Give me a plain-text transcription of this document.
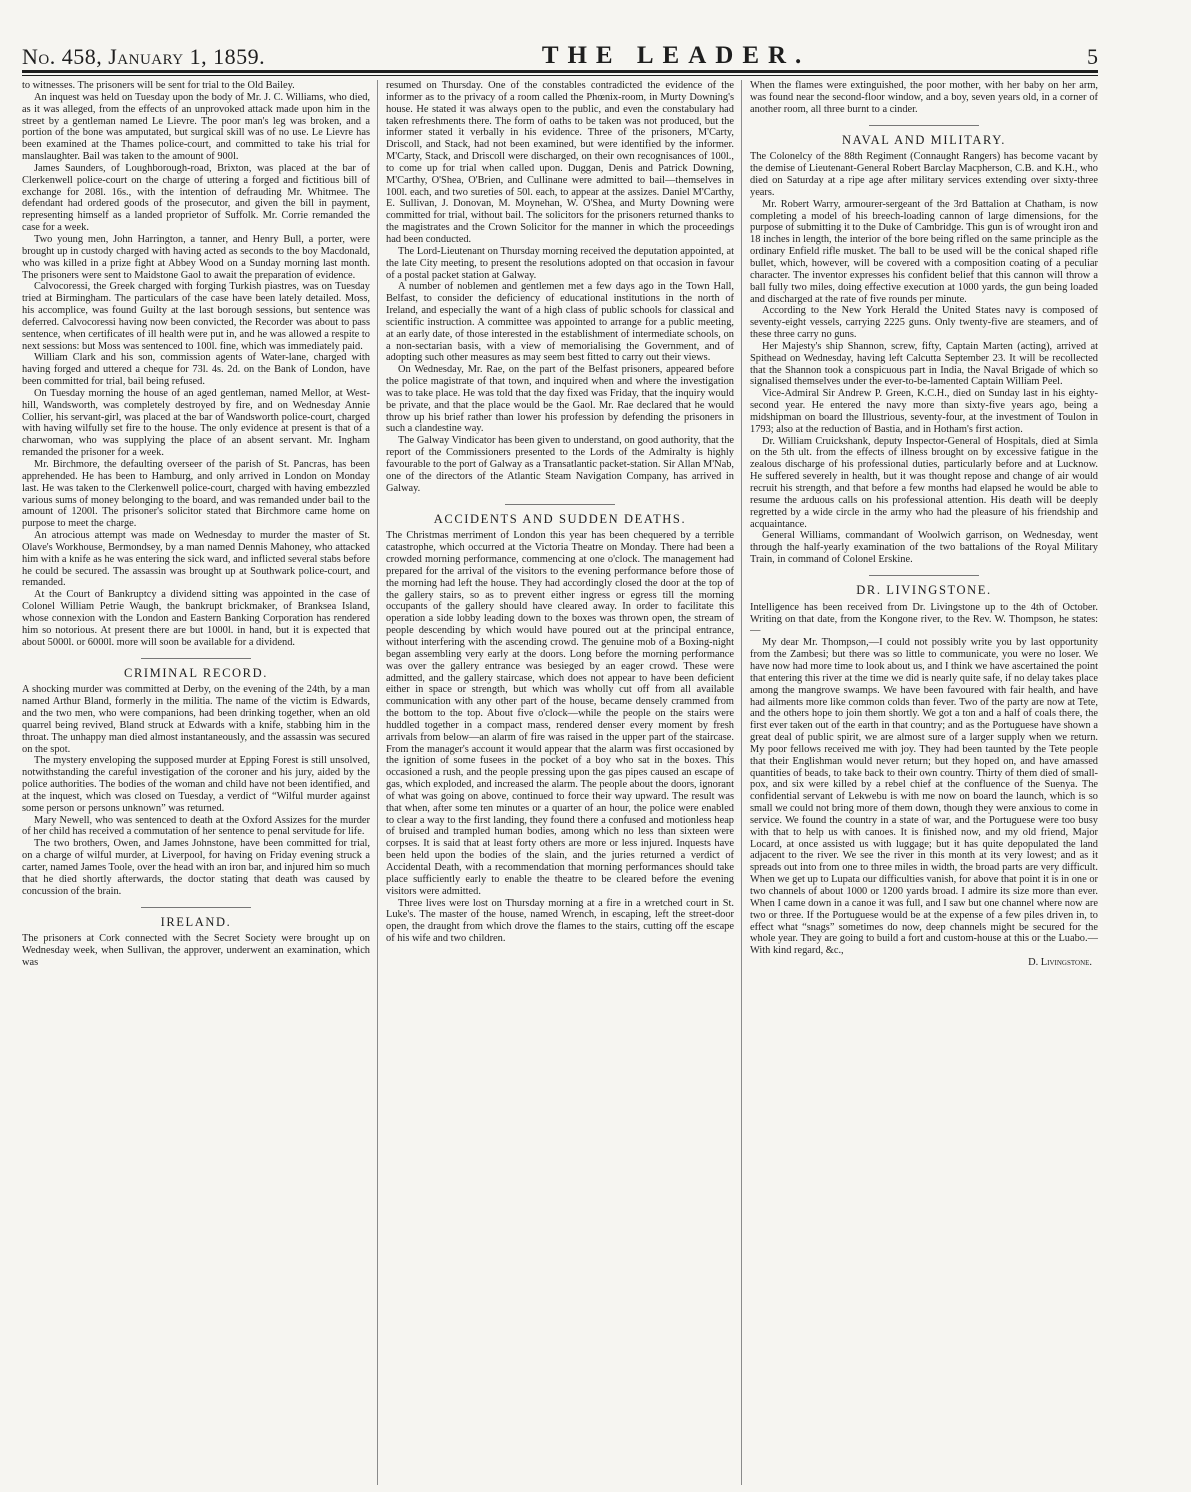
No. 458, January 1, 1859.	THE LEADER.	5

to witnesses. The prisoners will be sent for trial to the Old Bailey.

An inquest was held on Tuesday upon the body of Mr. J. C. Williams, who died, as it was alleged, from the effects of an unprovoked attack made upon him in the street by a gentleman named Le Lievre. The poor man's leg was broken, and a portion of the bone was amputated, but surgical skill was of no use. Le Lievre has been examined at the Thames police-court, and committed to take his trial for manslaughter. Bail was taken to the amount of 900l.

James Saunders, of Loughborough-road, Brixton, was placed at the bar of Clerkenwell police-court on the charge of uttering a forged and fictitious bill of exchange for 208l. 16s., with the intention of defrauding Mr. Whitmee. The defendant had ordered goods of the prosecutor, and given the bill in payment, representing himself as a landed proprietor of Suffolk. Mr. Corrie remanded the case for a week.

Two young men, John Harrington, a tanner, and Henry Bull, a porter, were brought up in custody charged with having acted as seconds to the boy Macdonald, who was killed in a prize fight at Abbey Wood on a Sunday morning last month. The prisoners were sent to Maidstone Gaol to await the preparation of evidence.

Calvocoressi, the Greek charged with forging Turkish piastres, was on Tuesday tried at Birmingham. The particulars of the case have been lately detailed. Moss, his accomplice, was found Guilty at the last borough sessions, but sentence was deferred. Calvocoressi having now been convicted, the Recorder was about to pass sentence, when certificates of ill health were put in, and he was allowed a respite to next sessions: but Moss was sentenced to 100l. fine, which was immediately paid.

William Clark and his son, commission agents of Water-lane, charged with having forged and uttered a cheque for 73l. 4s. 2d. on the Bank of London, have been committed for trial, bail being refused.

On Tuesday morning the house of an aged gentleman, named Mellor, at West-hill, Wandsworth, was completely destroyed by fire, and on Wednesday Annie Collier, his servant-girl, was placed at the bar of Wandsworth police-court, charged with having wilfully set fire to the house. The only evidence at present is that of a charwoman, who was supplying the place of an absent servant. Mr. Ingham remanded the prisoner for a week.

Mr. Birchmore, the defaulting overseer of the parish of St. Pancras, has been apprehended. He has been to Hamburg, and only arrived in London on Monday last. He was taken to the Clerkenwell police-court, charged with having embezzled various sums of money belonging to the board, and was remanded under bail to the amount of 1200l. The prisoner's solicitor stated that Birchmore came home on purpose to meet the charge.

An atrocious attempt was made on Wednesday to murder the master of St. Olave's Workhouse, Bermondsey, by a man named Dennis Mahoney, who attacked him with a knife as he was entering the sick ward, and inflicted several stabs before he could be secured. The assassin was brought up at Southwark police-court, and remanded.

At the Court of Bankruptcy a dividend sitting was appointed in the case of Colonel William Petrie Waugh, the bankrupt brickmaker, of Branksea Island, whose connexion with the London and Eastern Banking Corporation has rendered him so notorious. At present there are but 1000l. in hand, but it is expected that about 5000l. or 6000l. more will soon be available for a dividend.

CRIMINAL RECORD.

A shocking murder was committed at Derby, on the evening of the 24th, by a man named Arthur Bland, formerly in the militia. The name of the victim is Edwards, and the two men, who were companions, had been drinking together, when an old quarrel being revived, Bland struck at Edwards with a knife, stabbing him in the throat. The unhappy man died almost instantaneously, and the assassin was secured on the spot.

The mystery enveloping the supposed murder at Epping Forest is still unsolved, notwithstanding the careful investigation of the coroner and his jury, aided by the police authorities. The bodies of the woman and child have not been identified, and at the inquest, which was closed on Tuesday, a verdict of “Wilful murder against some person or persons unknown” was returned.

Mary Newell, who was sentenced to death at the Oxford Assizes for the murder of her child has received a commutation of her sentence to penal servitude for life.

The two brothers, Owen, and James Johnstone, have been committed for trial, on a charge of wilful murder, at Liverpool, for having on Friday evening struck a carter, named James Toole, over the head with an iron bar, and injured him so much that he died shortly afterwards, the doctor stating that death was caused by concussion of the brain.

IRELAND.

The prisoners at Cork connected with the Secret Society were brought up on Wednesday week, when Sullivan, the approver, underwent an examination, which was

resumed on Thursday. One of the constables contradicted the evidence of the informer as to the privacy of a room called the Phœnix-room, in Murty Downing's house. He stated it was always open to the public, and even the constabulary had taken refreshments there. The form of oaths to be taken was not produced, but the informer stated it verbally in his evidence. Three of the prisoners, M'Carty, Driscoll, and Stack, had not been examined, but were identified by the informer. M'Carty, Stack, and Driscoll were discharged, on their own recognisances of 100l., to come up for trial when called upon. Duggan, Denis and Patrick Downing, M'Carthy, O'Shea, O'Brien, and Cullinane were admitted to bail—themselves in 100l. each, and two sureties of 50l. each, to appear at the assizes. Daniel M'Carthy, E. Sullivan, J. Donovan, M. Moynehan, W. O'Shea, and Murty Downing were committed for trial, without bail. The solicitors for the prisoners returned thanks to the magistrates and the Crown Solicitor for the manner in which the proceedings had been conducted.

The Lord-Lieutenant on Thursday morning received the deputation appointed, at the late City meeting, to present the resolutions adopted on that occasion in favour of a postal packet station at Galway.

A number of noblemen and gentlemen met a few days ago in the Town Hall, Belfast, to consider the deficiency of educational institutions in the north of Ireland, and especially the want of a high class of public schools for classical and scientific instruction. A committee was appointed to arrange for a public meeting, at an early date, of those interested in the establishment of intermediate schools, on a non-sectarian basis, with a view of memorialising the Government, and of adopting such other measures as may seem best fitted to carry out their views.

On Wednesday, Mr. Rae, on the part of the Belfast prisoners, appeared before the police magistrate of that town, and inquired when and where the investigation was to take place. He was told that the day fixed was Friday, that the inquiry would be private, and that the place would be the Gaol. Mr. Rae declared that he would throw up his brief rather than lower his profession by defending the prisoners in such a clandestine way.

The Galway Vindicator has been given to understand, on good authority, that the report of the Commissioners presented to the Lords of the Admiralty is highly favourable to the port of Galway as a Transatlantic packet-station. Sir Allan M'Nab, one of the directors of the Atlantic Steam Navigation Company, has arrived in Galway.

ACCIDENTS AND SUDDEN DEATHS.

The Christmas merriment of London this year has been chequered by a terrible catastrophe, which occurred at the Victoria Theatre on Monday. There had been a crowded morning performance, commencing at one o'clock. The management had prepared for the arrival of the visitors to the evening performance before those of the morning had left the house. They had accordingly closed the door at the top of the gallery stairs, so as to prevent either ingress or egress till the morning occupants of the gallery should have cleared away. In order to facilitate this operation a side lobby leading down to the boxes was thrown open, the stream of people descending by which would have poured out at the principal entrance, without interfering with the ascending crowd. The genuine mob of a Boxing-night began assembling very early at the doors. Long before the morning performance was over the gallery entrance was besieged by an eager crowd. These were admitted, and the gallery staircase, which does not appear to have been deficient either in space or strength, but which was wholly cut off from all available communication with any other part of the house, became densely crammed from the bottom to the top. About five o'clock—while the people on the stairs were huddled together in a compact mass, rendered denser every moment by fresh arrivals from below—an alarm of fire was raised in the upper part of the staircase. From the manager's account it would appear that the alarm was first occasioned by the ignition of some fusees in the pocket of a boy who sat in the boxes. This occasioned a rush, and the people pressing upon the gas pipes caused an escape of gas, which exploded, and increased the alarm. The people about the doors, ignorant of what was going on above, continued to force their way upward. The result was that when, after some ten minutes or a quarter of an hour, the police were enabled to clear a way to the first landing, they found there a confused and motionless heap of bruised and trampled human bodies, among which no less than sixteen were corpses. It is said that at least forty others are more or less injured. Inquests have been held upon the bodies of the slain, and the juries returned a verdict of Accidental Death, with a recommendation that morning performances should take place sufficiently early to enable the theatre to be cleared before the evening visitors were admitted.

Three lives were lost on Thursday morning at a fire in a wretched court in St. Luke's. The master of the house, named Wrench, in escaping, left the street-door open, the draught from which drove the flames to the stairs, cutting off the escape of his wife and two children.

When the flames were extinguished, the poor mother, with her baby on her arm, was found near the second-floor window, and a boy, seven years old, in a corner of another room, all three burnt to a cinder.

NAVAL AND MILITARY.

The Colonelcy of the 88th Regiment (Connaught Rangers) has become vacant by the demise of Lieutenant-General Robert Barclay Macpherson, C.B. and K.H., who died on Saturday at a ripe age after military services extending over sixty-three years.

Mr. Robert Warry, armourer-sergeant of the 3rd Battalion at Chatham, is now completing a model of his breech-loading cannon of large dimensions, for the purpose of submitting it to the Duke of Cambridge. This gun is of wrought iron and 18 inches in length, the interior of the bore being rifled on the same principle as the ordinary Enfield rifle musket. The ball to be used will be the conical shaped rifle bullet, which, however, will be covered with a composition coating of a peculiar character. The inventor expresses his confident belief that this cannon will throw a ball fully two miles, doing effective execution at 1000 yards, the gun being loaded and discharged at the rate of five rounds per minute.

According to the New York Herald the United States navy is composed of seventy-eight vessels, carrying 2225 guns. Only twenty-five are steamers, and of these three carry no guns.

Her Majesty's ship Shannon, screw, fifty, Captain Marten (acting), arrived at Spithead on Wednesday, having left Calcutta September 23. It will be recollected that the Shannon took a conspicuous part in India, the Naval Brigade of which so signalised themselves under the ever-to-be-lamented Captain William Peel.

Vice-Admiral Sir Andrew P. Green, K.C.H., died on Sunday last in his eighty-second year. He entered the navy more than sixty-five years ago, being a midshipman on board the Illustrious, seventy-four, at the investment of Toulon in 1793; also at the reduction of Bastia, and in Hotham's first action.

Dr. William Cruickshank, deputy Inspector-General of Hospitals, died at Simla on the 5th ult. from the effects of illness brought on by excessive fatigue in the zealous discharge of his professional duties, particularly before and at Lucknow. He suffered severely in health, but it was thought repose and change of air would recruit his strength, and that before a few months had elapsed he would be able to resume the arduous calls on his professional attention. His death will be deeply regretted by a wide circle in the army who had the pleasure of his friendship and acquaintance.

General Williams, commandant of Woolwich garrison, on Wednesday, went through the half-yearly examination of the two battalions of the Royal Military Train, in command of Colonel Erskine.

DR. LIVINGSTONE.

Intelligence has been received from Dr. Livingstone up to the 4th of October. Writing on that date, from the Kongone river, to the Rev. W. Thompson, he states:—

My dear Mr. Thompson,—I could not possibly write you by last opportunity from the Zambesi; but there was so little to communicate, you were no loser. We have now had more time to look about us, and I think we have ascertained the point that entering this river at the time we did is nearly quite safe, if no delay takes place among the mangrove swamps. We have been favoured with fair health, and have had ailments more like common colds than fever. Two of the party are now at Tete, and the others hope to join them shortly. We got a ton and a half of coals there, the first ever taken out of the earth in that country; and as the Portuguese have shown a great deal of public spirit, we are almost sure of a larger supply when we return. My poor fellows received me with joy. They had been taunted by the Tete people that their Englishman would never return; but they hoped on, and have amassed quantities of beads, to take back to their own country. Thirty of them died of small-pox, and six were killed by a rebel chief at the confluence of the Suenya. The confidential servant of Lekwebu is with me now on board the launch, which is so small we could not bring more of them down, though they were anxious to come in service. We found the country in a state of war, and the Portuguese were too busy with that to help us with canoes. It is finished now, and my old friend, Major Locard, at once assisted us with luggage; but it has quite depopulated the land adjacent to the river. We see the river in this month at its very lowest; and as it spreads out into from one to three miles in width, the broad parts are very difficult. When we get up to Lupata our difficulties vanish, for above that point it is in one or two channels of about 1000 or 1200 yards broad. I admire its size more than ever. When I came down in a canoe it was full, and I saw but one channel where now are two or three. If the Portuguese would be at the expense of a few piles driven in, to effect what “snags” sometimes do now, deep channels might be secured for the whole year. They are going to build a fort and custom-house at this or the Luabo.—With kind regard, &c.,

D. Livingstone.
